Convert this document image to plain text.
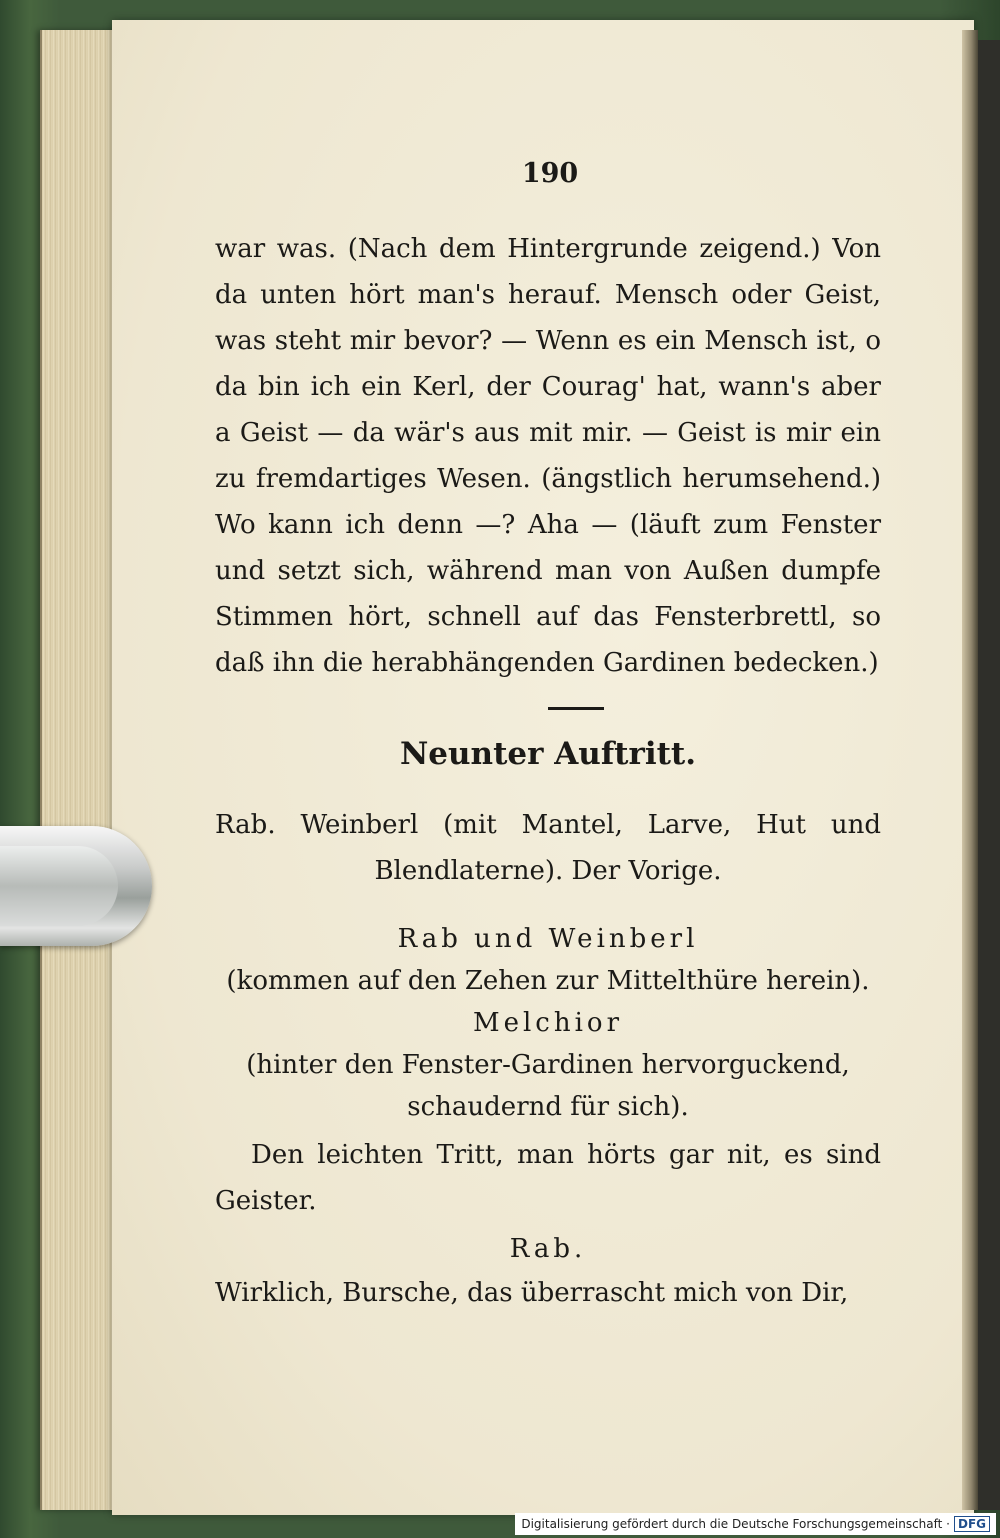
190

war was. (Nach dem Hintergrunde zeigend.) Von da unten hört man's herauf. Mensch oder Geist, was steht mir bevor? — Wenn es ein Mensch ist, o da bin ich ein Kerl, der Courag' hat, wann's aber a Geist — da wär's aus mit mir. — Geist is mir ein zu fremdartiges Wesen. (ängstlich herumsehend.) Wo kann ich denn —? Aha — (läuft zum Fenster und setzt sich, während man von Außen dumpfe Stimmen hört, schnell auf das Fensterbrettl, so daß ihn die herabhängenden Gardinen bedecken.)

Neunter Auftritt.
Rab. Weinberl (mit Mantel, Larve, Hut und
Blendlaterne). Der Vorige.
Rab und Weinberl
(kommen auf den Zehen zur Mittelthüre herein).
Melchior
(hinter den Fenster-Gardinen hervorguckend, schaudernd für sich).

Den leichten Tritt, man hörts gar nit, es sind Geister.

Rab.

Wirklich, Bursche, das überrascht mich von Dir,

Digitalisierung gefördert durch die Deutsche Forschungsgemeinschaft · DFG
